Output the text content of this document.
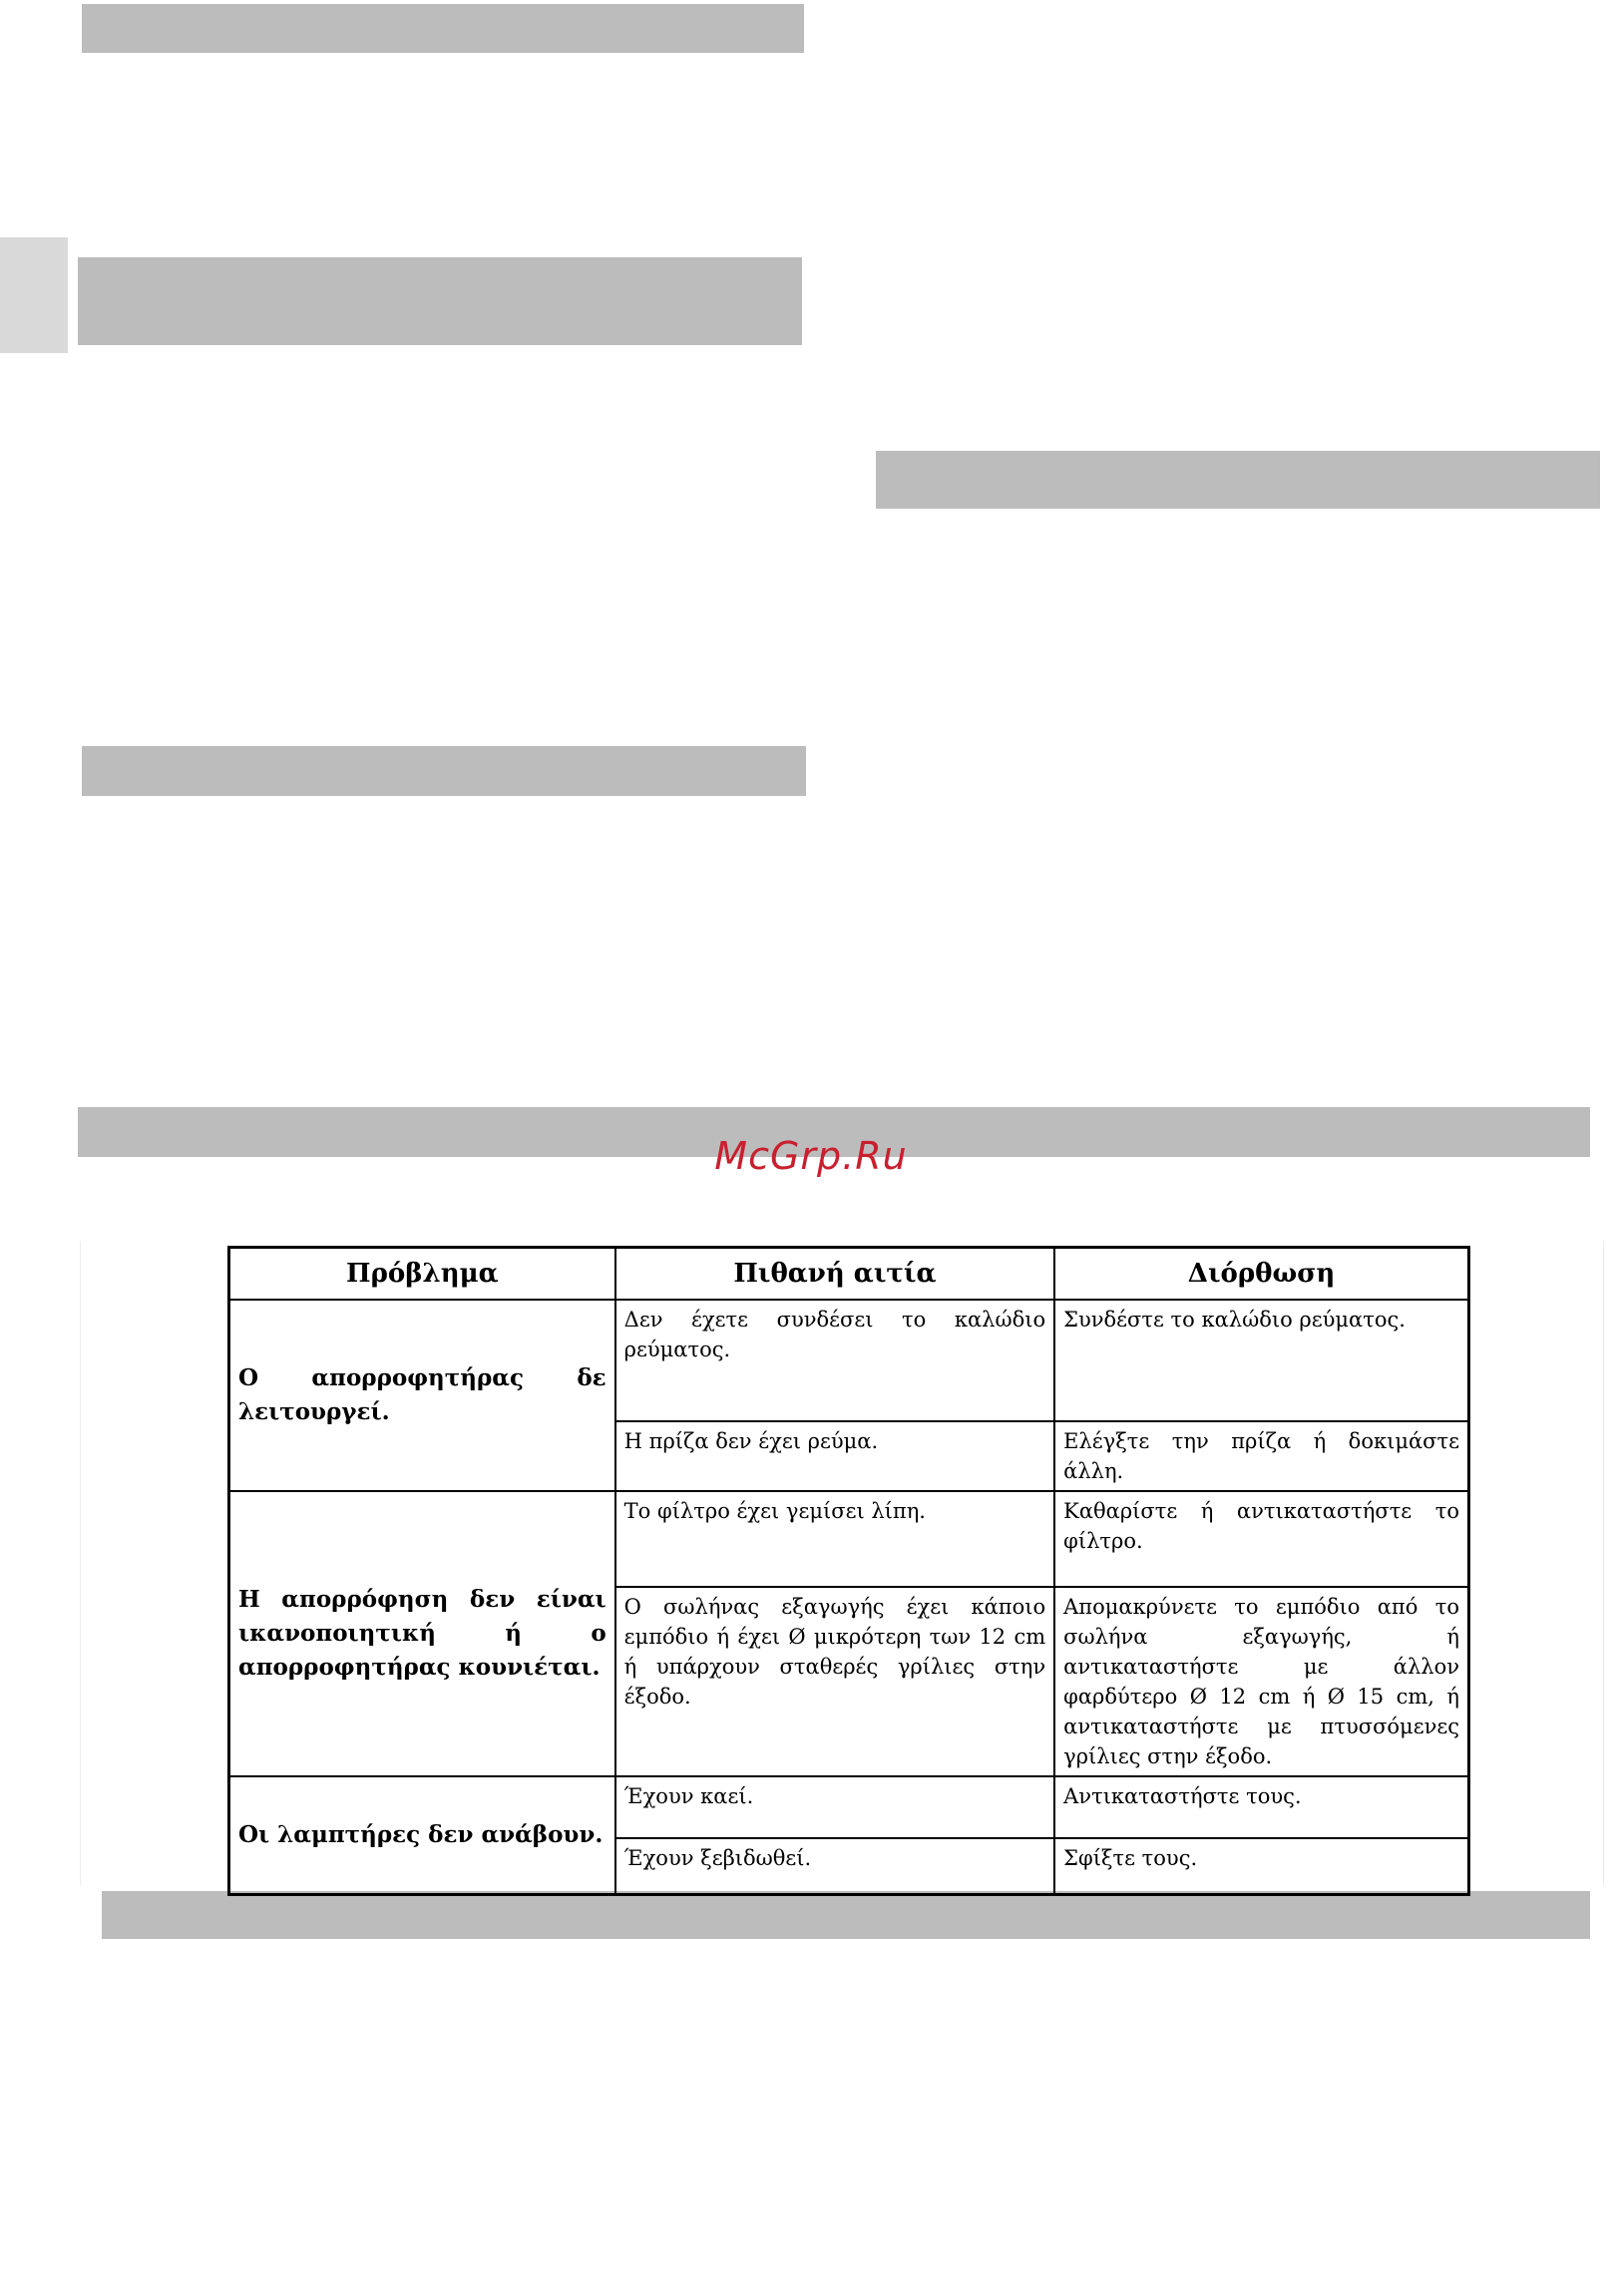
McGrp.Ru
Πρόβλημα	Πιθανή αιτία	Διόρθωση
Ο απορροφητήρας δε λειτουργεί.	Δεν έχετε συνδέσει το καλώδιο ρεύματος.	Συνδέστε το καλώδιο ρεύματος.
	Η πρίζα δεν έχει ρεύμα.	Ελέγξτε την πρίζα ή δοκιμάστε άλλη.
Η απορρόφηση δεν είναι ικανοποιητική ή ο απορροφητήρας κουνιέται.	Το φίλτρο έχει γεμίσει λίπη.	Καθαρίστε ή αντικαταστήστε το φίλτρο.
	Ο σωλήνας εξαγωγής έχει κάποιο εμπόδιο ή έχει Ø μικρότερη των 12 cm ή υπάρχουν σταθερές γρίλιες στην έξοδο.	Απομακρύνετε το εμπόδιο από το σωλήνα εξαγωγής, ή αντικαταστήστε με άλλον φαρδύτερο Ø 12 cm ή Ø 15 cm, ή αντικαταστήστε με πτυσσόμενες γρίλιες στην έξοδο.
Οι λαμπτήρες δεν ανάβουν.	Έχουν καεί.	Αντικαταστήστε τους.
	Έχουν ξεβιδωθεί.	Σφίξτε τους.
